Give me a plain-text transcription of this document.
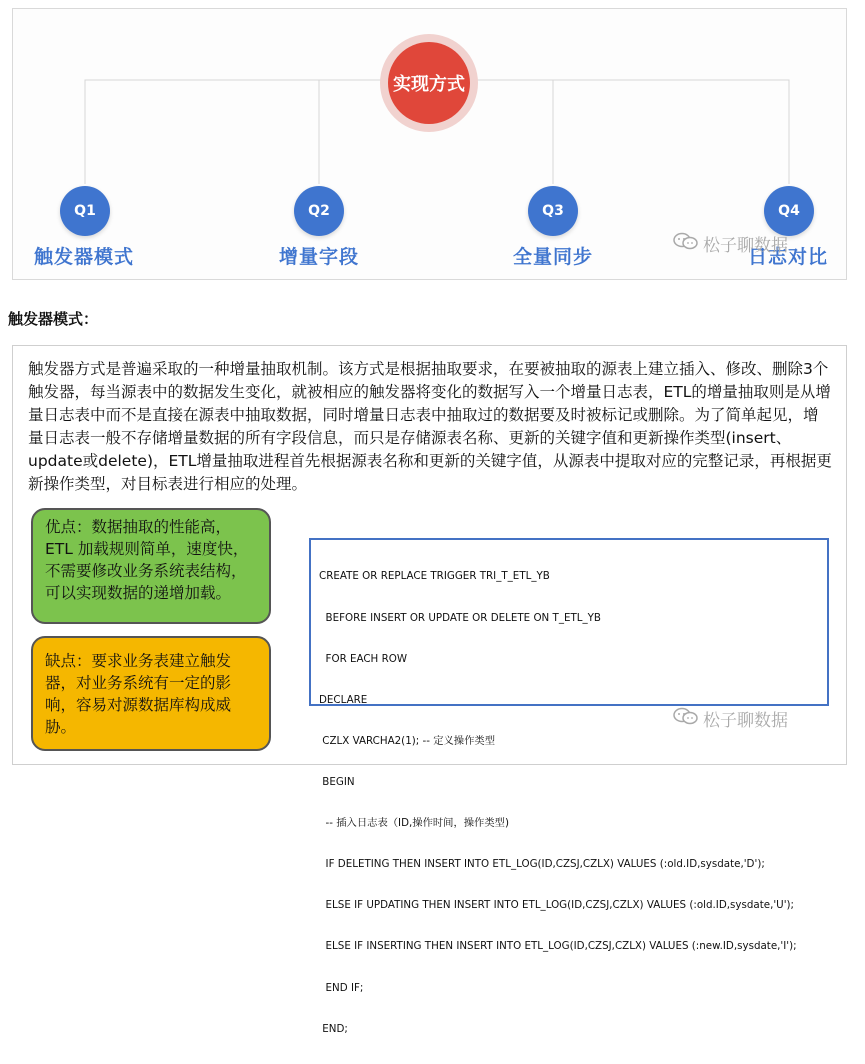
实现方式
Q1	Q2	Q3	Q4
触发器模式	增量字段	全量同步	日志对比
松子聊数据
触发器模式：
触发器方式是普遍采取的一种增量抽取机制。该方式是根据抽取要求，在要被抽取的源表上建立插入、修改、删除3个触发器，每当源表中的数据发生变化，就被相应的触发器将变化的数据写入一个增量日志表，ETL的增量抽取则是从增量日志表中而不是直接在源表中抽取数据，同时增量日志表中抽取过的数据要及时被标记或删除。为了简单起见，增量日志表一般不存储增量数据的所有字段信息，而只是存储源表名称、更新的关键字值和更新操作类型(insert、update或delete)，ETL增量抽取进程首先根据源表名称和更新的关键字值，从源表中提取对应的完整记录，再根据更新操作类型，对目标表进行相应的处理。
优点：数据抽取的性能高，ETL 加载规则简单，速度快，不需要修改业务系统表结构，可以实现数据的递增加载。
缺点：要求业务表建立触发器，对业务系统有一定的影响，容易对源数据库构成威胁。

CREATE OR REPLACE TRIGGER TRI_T_ETL_YB

BEFORE INSERT OR UPDATE OR DELETE ON T_ETL_YB

FOR EACH ROW

DECLARE

CZLX VARCHA2(1); -- 定义操作类型

BEGIN

-- 插入日志表（ID,操作时间，操作类型)

IF DELETING THEN INSERT INTO ETL_LOG(ID,CZSJ,CZLX) VALUES (:old.ID,sysdate,'D');

ELSE IF UPDATING THEN INSERT INTO ETL_LOG(ID,CZSJ,CZLX) VALUES (:old.ID,sysdate,'U');

ELSE IF INSERTING THEN INSERT INTO ETL_LOG(ID,CZSJ,CZLX) VALUES (:new.ID,sysdate,'I');

END IF;

END;

松子聊数据
